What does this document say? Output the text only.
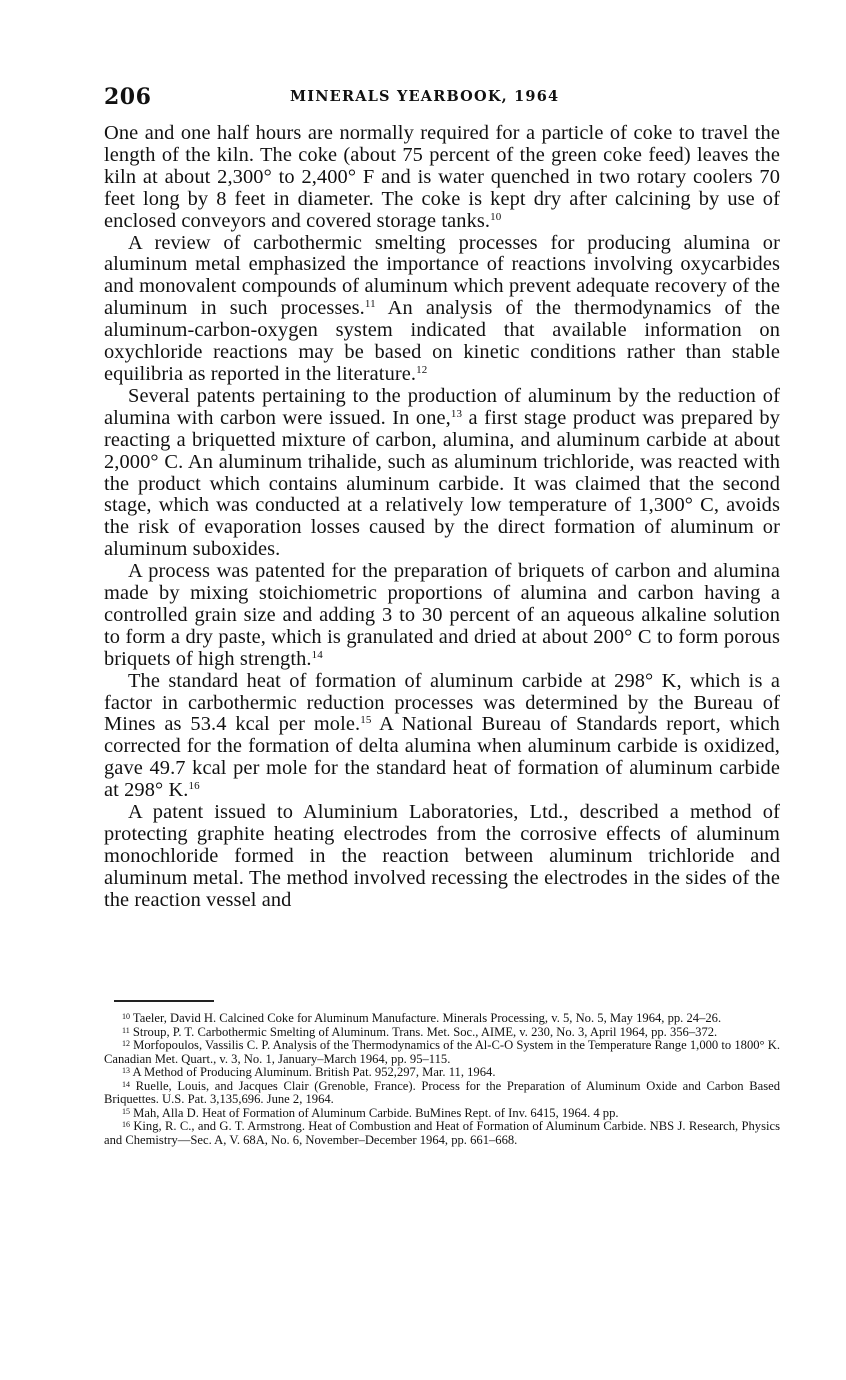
206	MINERALS YEARBOOK, 1964

One and one half hours are normally required for a particle of coke to travel the length of the kiln. The coke (about 75 percent of the green coke feed) leaves the kiln at about 2,300° to 2,400° F and is water quenched in two rotary coolers 70 feet long by 8 feet in diameter. The coke is kept dry after calcining by use of enclosed conveyors and covered storage tanks.$^{10}$

A review of carbothermic smelting processes for producing alumina or aluminum metal emphasized the importance of reactions involving oxycarbides and monovalent compounds of aluminum which prevent adequate recovery of the aluminum in such processes.$^{11}$ An analysis of the thermodynamics of the aluminum-carbon-oxygen system indicated that available information on oxychloride reactions may be based on kinetic conditions rather than stable equilibria as reported in the literature.$^{12}$

Several patents pertaining to the production of aluminum by the reduction of alumina with carbon were issued. In one,$^{13}$ a first stage product was prepared by reacting a briquetted mixture of carbon, alumina, and aluminum carbide at about 2,000° C. An aluminum trihalide, such as aluminum trichloride, was reacted with the product which contains aluminum carbide. It was claimed that the second stage, which was conducted at a relatively low temperature of 1,300° C, avoids the risk of evaporation losses caused by the direct formation of aluminum or aluminum suboxides.

A process was patented for the preparation of briquets of carbon and alumina made by mixing stoichiometric proportions of alumina and carbon having a controlled grain size and adding 3 to 30 percent of an aqueous alkaline solution to form a dry paste, which is granulated and dried at about 200° C to form porous briquets of high strength.$^{14}$

The standard heat of formation of aluminum carbide at 298° K, which is a factor in carbothermic reduction processes was determined by the Bureau of Mines as 53.4 kcal per mole.$^{15}$ A National Bureau of Standards report, which corrected for the formation of delta alumina when aluminum carbide is oxidized, gave 49.7 kcal per mole for the standard heat of formation of aluminum carbide at 298° K.$^{16}$

A patent issued to Aluminium Laboratories, Ltd., described a method of protecting graphite heating electrodes from the corrosive effects of aluminum monochloride formed in the reaction between aluminum trichloride and aluminum metal. The method involved recessing the electrodes in the sides of the the reaction vessel and

$^{10}$ Taeler, David H. Calcined Coke for Aluminum Manufacture. Minerals Processing, v. 5, No. 5, May 1964, pp. 24–26.

$^{11}$ Stroup, P. T. Carbothermic Smelting of Aluminum. Trans. Met. Soc., AIME, v. 230, No. 3, April 1964, pp. 356–372.

$^{12}$ Morfopoulos, Vassilis C. P. Analysis of the Thermodynamics of the Al-C-O System in the Temperature Range 1,000 to 1800° K. Canadian Met. Quart., v. 3, No. 1, January–March 1964, pp. 95–115.

$^{13}$ A Method of Producing Aluminum. British Pat. 952,297, Mar. 11, 1964.

$^{14}$ Ruelle, Louis, and Jacques Clair (Grenoble, France). Process for the Preparation of Aluminum Oxide and Carbon Based Briquettes. U.S. Pat. 3,135,696. June 2, 1964.

$^{15}$ Mah, Alla D. Heat of Formation of Aluminum Carbide. BuMines Rept. of Inv. 6415, 1964. 4 pp.

$^{16}$ King, R. C., and G. T. Armstrong. Heat of Combustion and Heat of Formation of Aluminum Carbide. NBS J. Research, Physics and Chemistry—Sec. A, V. 68A, No. 6, November–December 1964, pp. 661–668.
